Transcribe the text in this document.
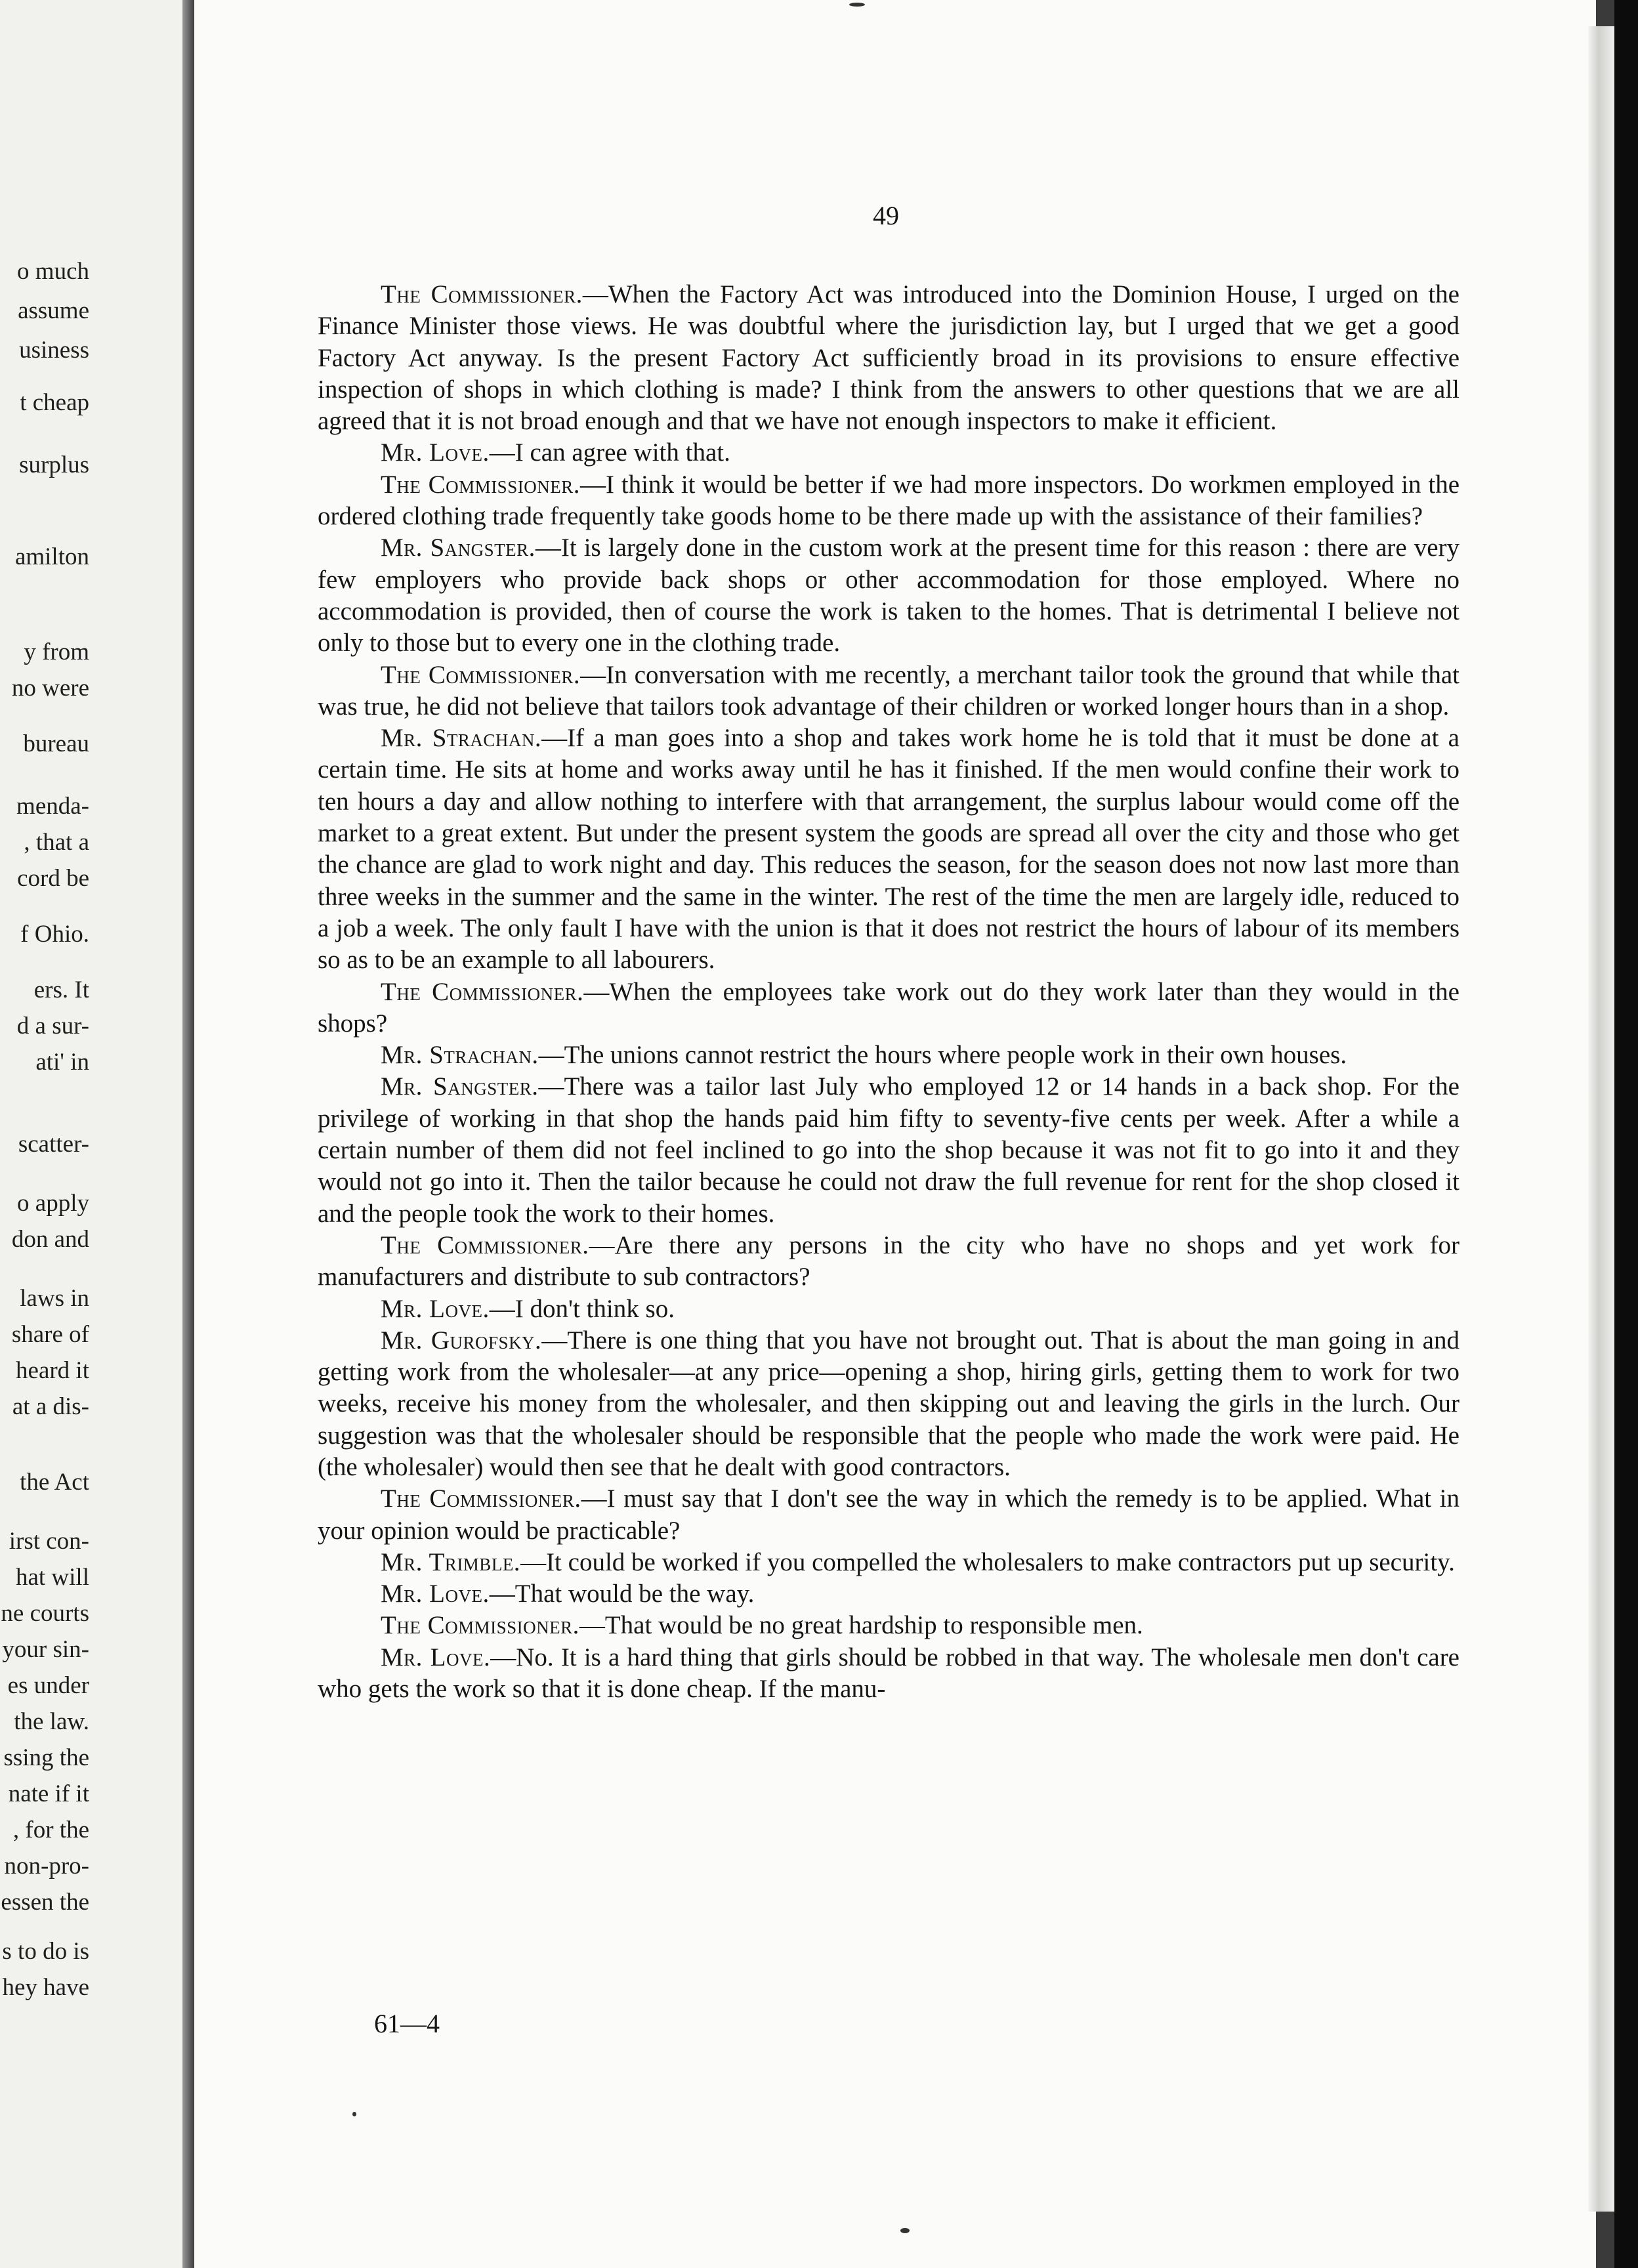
o much
assume
usiness
t cheap
surplus
amilton
y from
no were
bureau
menda-
, that a
cord be
f Ohio.
ers. It
d a sur-
ati' in
scatter-
o apply
don and
laws in
share of
heard it
at a dis-
the Act
irst con-
hat will
ne courts
your sin-
es under
the law.
ssing the
nate if it
, for the
non-pro-
essen the
s to do is
hey have
49

The Commissioner.—When the Factory Act was introduced into the Dominion House, I urged on the Finance Minister those views. He was doubtful where the jurisdiction lay, but I urged that we get a good Factory Act anyway. Is the present Factory Act sufficiently broad in its provisions to ensure effective inspection of shops in which clothing is made? I think from the answers to other questions that we are all agreed that it is not broad enough and that we have not enough inspectors to make it efficient.

Mr. Love.—I can agree with that.

The Commissioner.—I think it would be better if we had more inspectors. Do workmen employed in the ordered clothing trade frequently take goods home to be there made up with the assistance of their families?

Mr. Sangster.—It is largely done in the custom work at the present time for this reason : there are very few employers who provide back shops or other accommodation for those employed. Where no accommodation is provided, then of course the work is taken to the homes. That is detrimental I believe not only to those but to every one in the clothing trade.

The Commissioner.—In conversation with me recently, a merchant tailor took the ground that while that was true, he did not believe that tailors took advantage of their children or worked longer hours than in a shop.

Mr. Strachan.—If a man goes into a shop and takes work home he is told that it must be done at a certain time. He sits at home and works away until he has it finished. If the men would confine their work to ten hours a day and allow nothing to interfere with that arrangement, the surplus labour would come off the market to a great extent. But under the present system the goods are spread all over the city and those who get the chance are glad to work night and day. This reduces the season, for the season does not now last more than three weeks in the summer and the same in the winter. The rest of the time the men are largely idle, reduced to a job a week. The only fault I have with the union is that it does not restrict the hours of labour of its members so as to be an example to all labourers.

The Commissioner.—When the employees take work out do they work later than they would in the shops?

Mr. Strachan.—The unions cannot restrict the hours where people work in their own houses.

Mr. Sangster.—There was a tailor last July who employed 12 or 14 hands in a back shop. For the privilege of working in that shop the hands paid him fifty to seventy-five cents per week. After a while a certain number of them did not feel inclined to go into the shop because it was not fit to go into it and they would not go into it. Then the tailor because he could not draw the full revenue for rent for the shop closed it and the people took the work to their homes.

The Commissioner.—Are there any persons in the city who have no shops and yet work for manufacturers and distribute to sub contractors?

Mr. Love.—I don't think so.

Mr. Gurofsky.—There is one thing that you have not brought out. That is about the man going in and getting work from the wholesaler—at any price—opening a shop, hiring girls, getting them to work for two weeks, receive his money from the wholesaler, and then skipping out and leaving the girls in the lurch. Our suggestion was that the wholesaler should be responsible that the people who made the work were paid. He (the wholesaler) would then see that he dealt with good contractors.

The Commissioner.—I must say that I don't see the way in which the remedy is to be applied. What in your opinion would be practicable?

Mr. Trimble.—It could be worked if you compelled the wholesalers to make contractors put up security.

Mr. Love.—That would be the way.

The Commissioner.—That would be no great hardship to responsible men.

Mr. Love.—No. It is a hard thing that girls should be robbed in that way. The wholesale men don't care who gets the work so that it is done cheap. If the manu-

61—4
